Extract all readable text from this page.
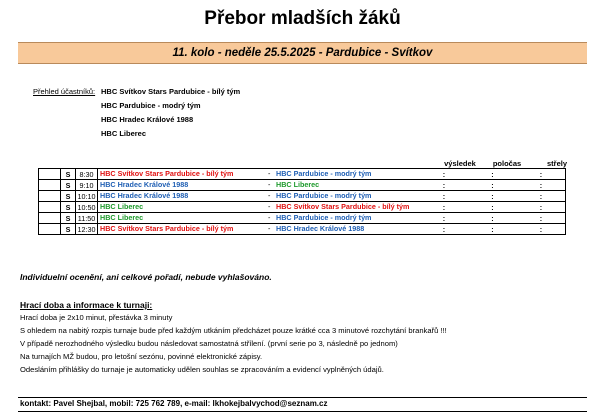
Přebor mladších žáků
11. kolo - neděle 25.5.2025 - Pardubice - Svítkov
Přehled účastníků: HBC Svítkov Stars Pardubice - bílý tým
HBC Pardubice - modrý tým
HBC Hradec Králové 1988
HBC Liberec
výsledek	poločas	střely
	S	8:30	HBC Svítkov Stars Pardubice - bílý tým - HBC Pardubice - modrý tým	:	:	:
	S	9:10	HBC Hradec Králové 1988 - HBC Liberec	:	:	:
	S	10:10	HBC Hradec Králové 1988 - HBC Pardubice - modrý tým	:	:	:
	S	10:50	HBC Liberec - HBC Svítkov Stars Pardubice - bílý tým	:	:	:
	S	11:50	HBC Liberec - HBC Pardubice - modrý tým	:	:	:
	S	12:30	HBC Svítkov Stars Pardubice - bílý tým - HBC Hradec Králové 1988	:	:	:
Individuelní ocenění, ani celkové pořadí, nebude vyhlašováno.
Hrací doba a informace k turnaji:
Hrací doba je 2x10 minut, přestávka 3 minuty
S ohledem na nabitý rozpis turnaje bude před každým utkáním předcházet pouze krátké cca 3 minutové rozchytání brankařů !!!
V případě nerozhodného výsledku budou následovat samostatná střílení. (první serie po 3, následně po jednom)
Na turnajích MŽ budou, pro letošní sezónu, povinné elektronické zápisy.
Odesláním přihlášky do turnaje je automaticky udělen souhlas se zpracováním a evidencí vyplněných údajů.
kontakt: Pavel Shejbal, mobil: 725 762 789, e-mail: lkhokejbalvychod@seznam.cz
